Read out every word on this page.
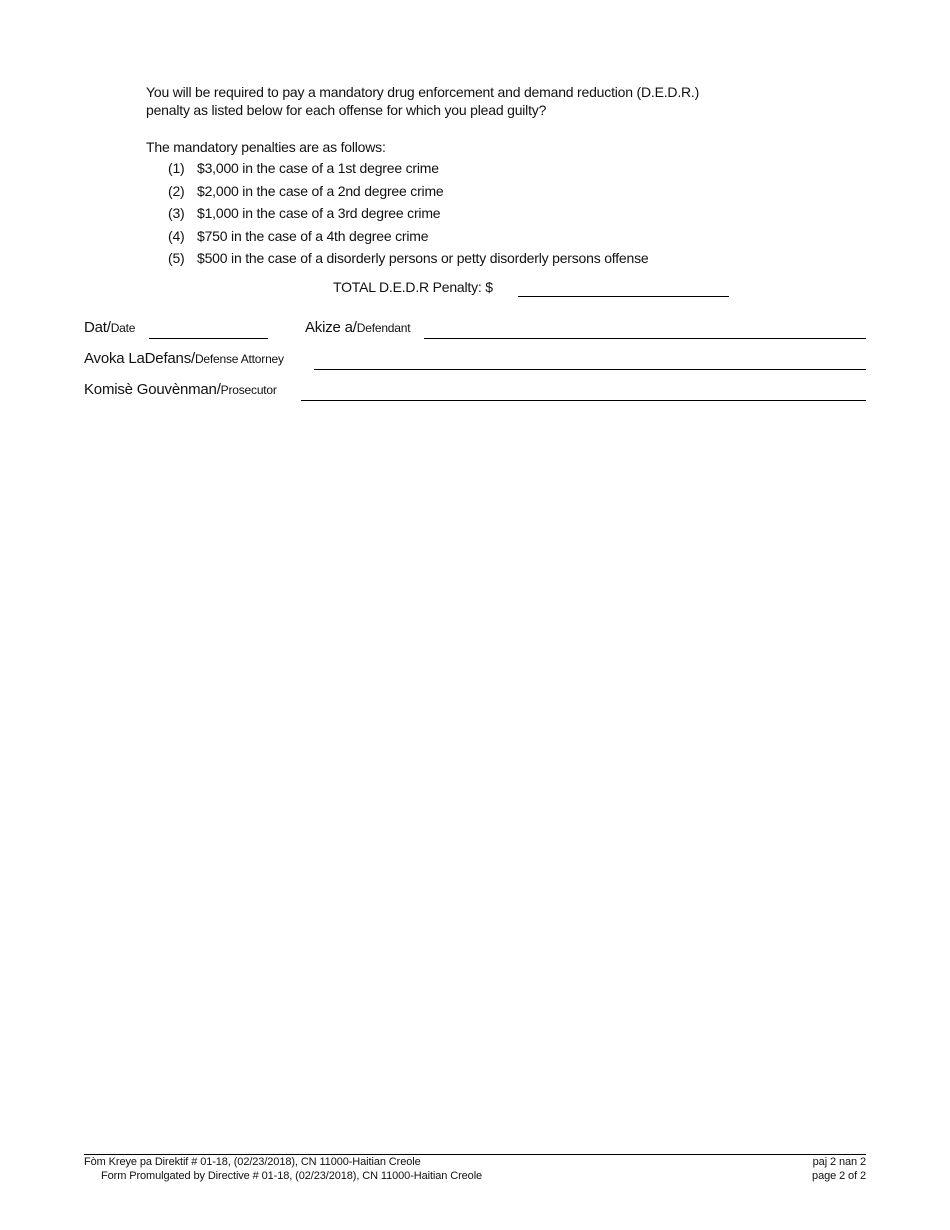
You will be required to pay a mandatory drug enforcement and demand reduction (D.E.D.R.)
penalty as listed below for each offense for which you plead guilty?
The mandatory penalties are as follows:
(1) $3,000 in the case of a 1st degree crime
(2) $2,000 in the case of a 2nd degree crime
(3) $1,000 in the case of a 3rd degree crime
(4) $750 in the case of a 4th degree crime
(5) $500 in the case of a disorderly persons or petty disorderly persons offense
TOTAL D.E.D.R Penalty: $
Dat/Date	Akize a/Defendant
Avoka LaDefans/Defense Attorney
Komisè Gouvènman/Prosecutor
Fòm Kreye pa Direktif # 01-18, (02/23/2018), CN 11000-Haitian Creole
Form Promulgated by Directive # 01-18, (02/23/2018), CN 11000-Haitian Creole
paj 2 nan 2
page 2 of 2
